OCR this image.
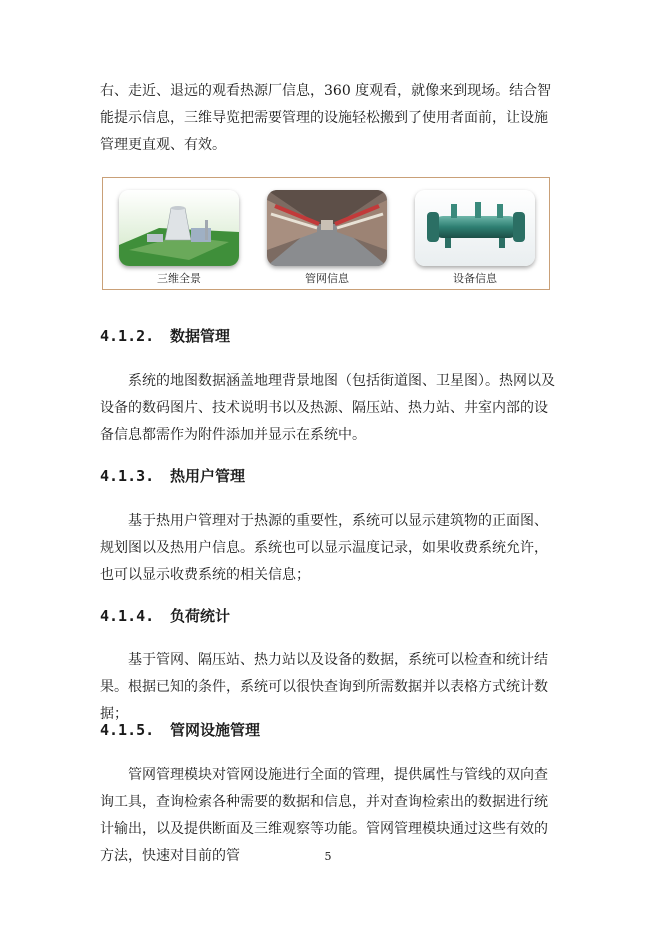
右、走近、退远的观看热源厂信息，360 度观看，就像来到现场。结合智能提示信息，三维导览把需要管理的设施轻松搬到了使用者面前，让设施管理更直观、有效。

三维全景	管网信息	设备信息
4.1.2. 数据管理

系统的地图数据涵盖地理背景地图（包括街道图、卫星图）。热网以及设备的数码图片、技术说明书以及热源、隔压站、热力站、井室内部的设备信息都需作为附件添加并显示在系统中。

4.1.3. 热用户管理

基于热用户管理对于热源的重要性，系统可以显示建筑物的正面图、规划图以及热用户信息。系统也可以显示温度记录，如果收费系统允许，也可以显示收费系统的相关信息；

4.1.4. 负荷统计

基于管网、隔压站、热力站以及设备的数据，系统可以检查和统计结果。根据已知的条件，系统可以很快查询到所需数据并以表格方式统计数据；

4.1.5. 管网设施管理

管网管理模块对管网设施进行全面的管理，提供属性与管线的双向查询工具，查询检索各种需要的数据和信息，并对查询检索出的数据进行统计输出，以及提供断面及三维观察等功能。管网管理模块通过这些有效的方法，快速对目前的管	5
